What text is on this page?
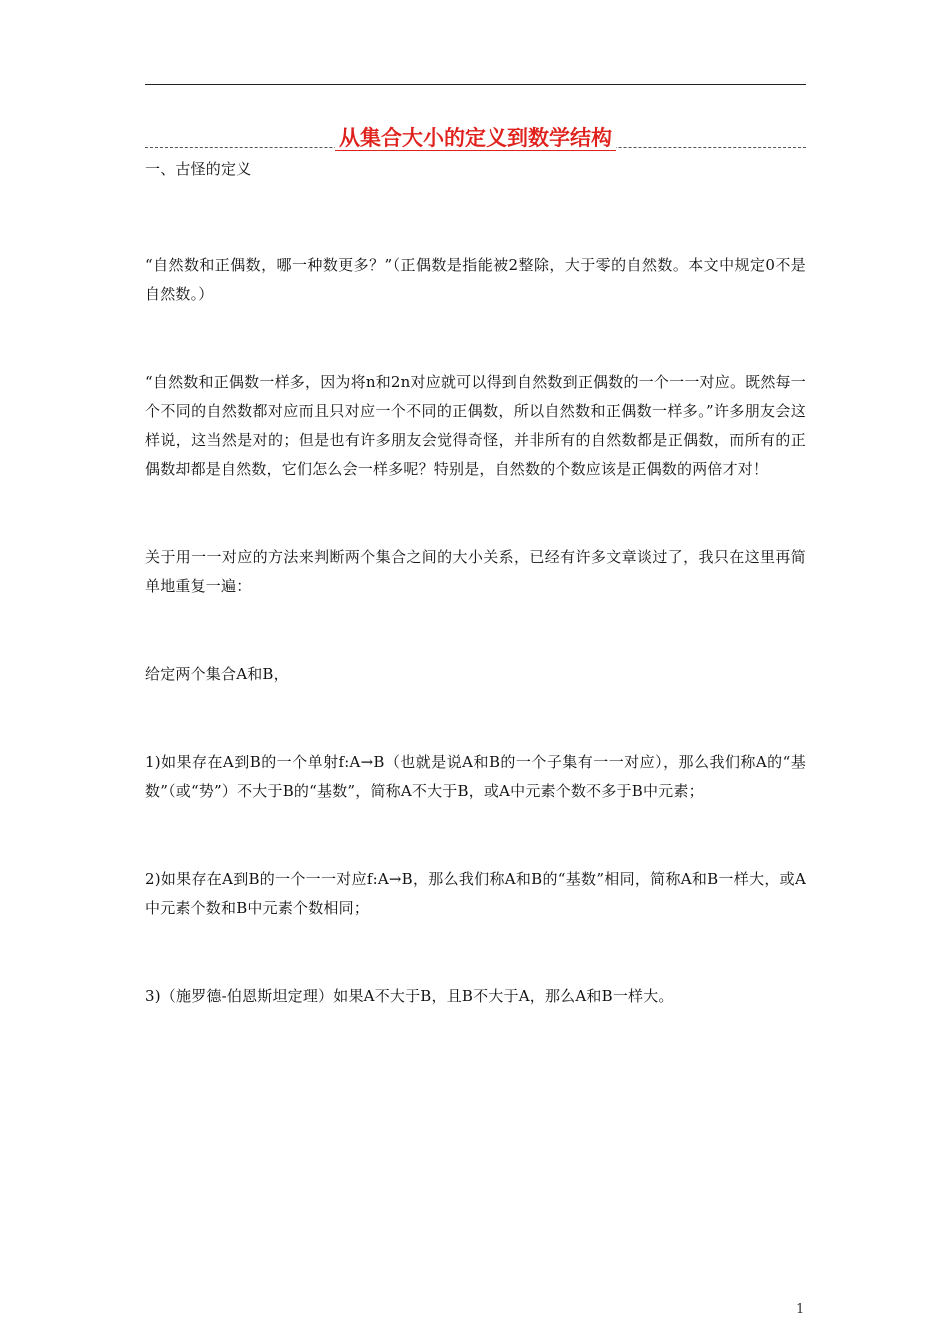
从集合大小的定义到数学结构

一、古怪的定义

“自然数和正偶数，哪一种数更多？”（正偶数是指能被2整除，大于零的自然数。本文中规定0不是自然数。）

“自然数和正偶数一样多，因为将n和2n对应就可以得到自然数到正偶数的一个一一对应。既然每一个不同的自然数都对应而且只对应一个不同的正偶数，所以自然数和正偶数一样多。”许多朋友会这样说，这当然是对的；但是也有许多朋友会觉得奇怪，并非所有的自然数都是正偶数，而所有的正偶数却都是自然数，它们怎么会一样多呢？特别是，自然数的个数应该是正偶数的两倍才对！

关于用一一对应的方法来判断两个集合之间的大小关系，已经有许多文章谈过了，我只在这里再简单地重复一遍：

给定两个集合A和B，

1)如果存在A到B的一个单射f:A→B（也就是说A和B的一个子集有一一对应），那么我们称A的“基数”（或“势”）不大于B的“基数”，简称A不大于B，或A中元素个数不多于B中元素；

2)如果存在A到B的一个一一对应f:A→B，那么我们称A和B的“基数”相同，简称A和B一样大，或A中元素个数和B中元素个数相同；

3)（施罗德-伯恩斯坦定理）如果A不大于B，且B不大于A，那么A和B一样大。

1
